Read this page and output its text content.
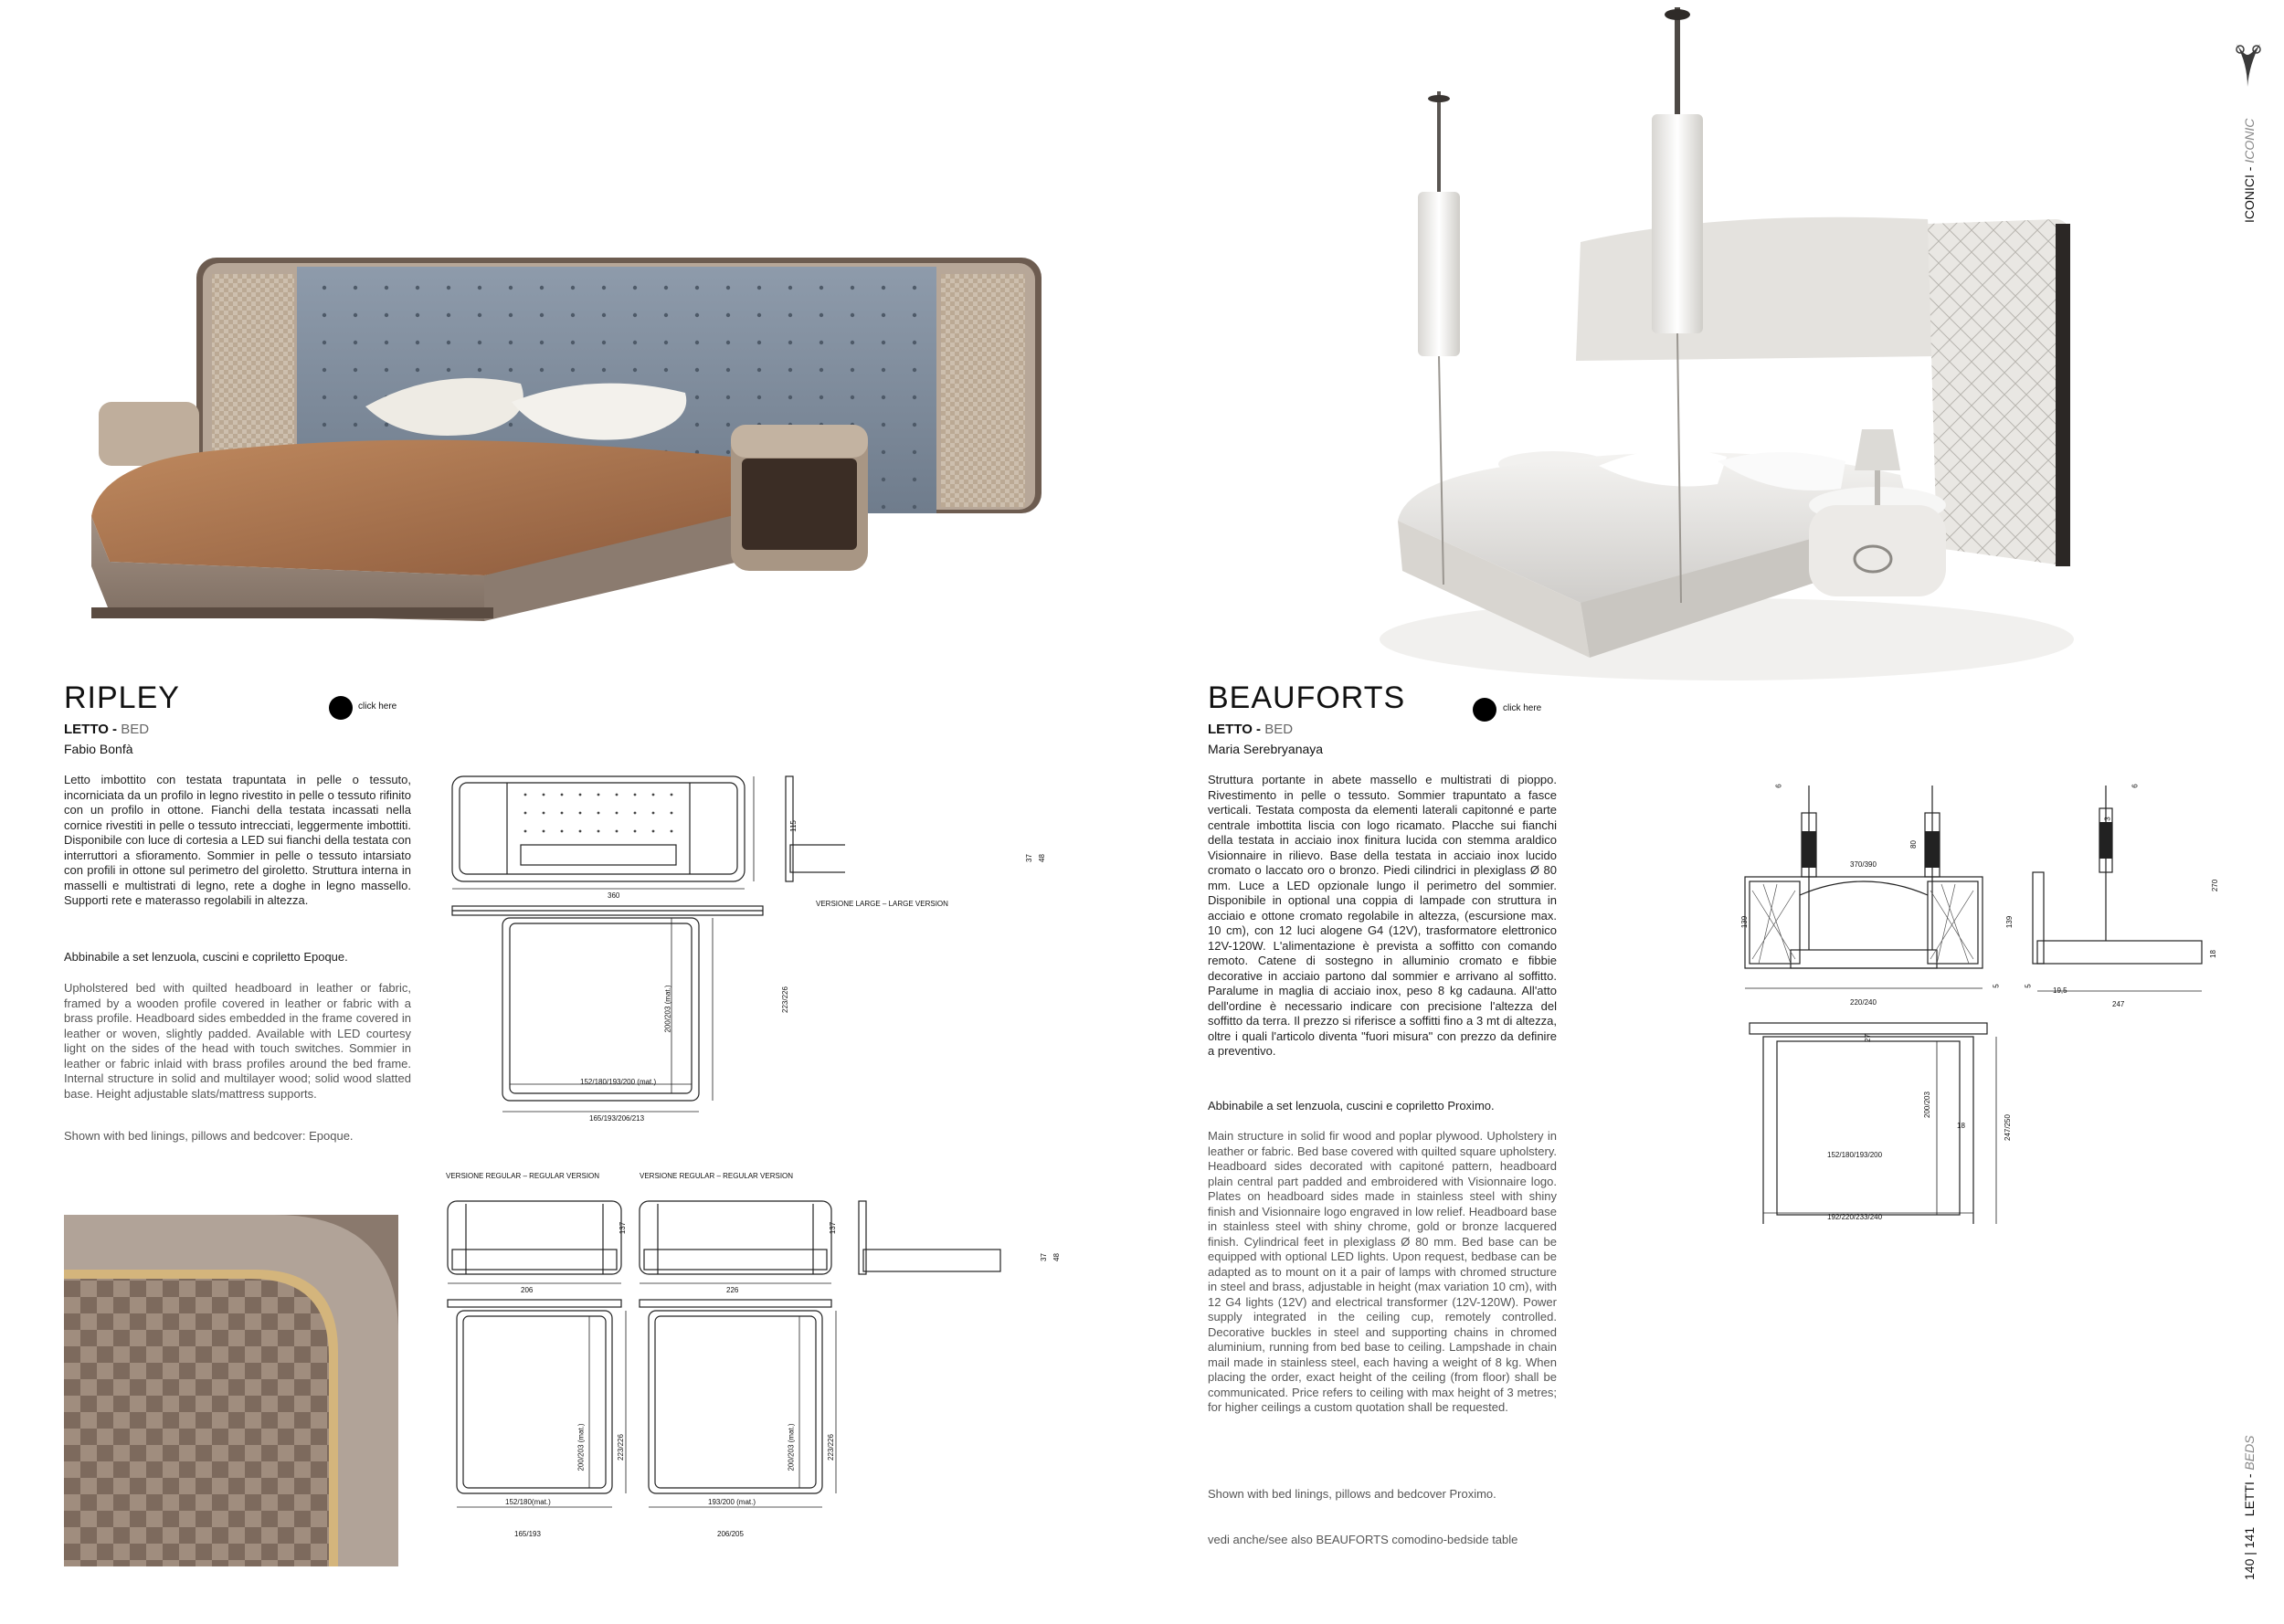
RIPLEY	click here
LETTO - BED
Fabio Bonfà
Letto imbottito con testata trapuntata in pelle o tessuto, incorniciata da un profilo in legno rivestito in pelle o tessuto rifinito con un profilo in ottone. Fianchi della testata incassati nella cornice rivestiti in pelle o tessuto intrecciati, leggermente imbottiti. Disponibile con luce di cortesia a LED sui fianchi della testata con interruttori a sfioramento. Sommier in pelle o tessuto intarsiato con profili in ottone sul perimetro del giroletto. Struttura interna in masselli e multistrati di legno, rete a doghe in legno massello. Supporti rete e materasso regolabili in altezza.
Abbinabile a set lenzuola, cuscini e copriletto Epoque.
Upholstered bed with quilted headboard in leather or fabric, framed by a wooden profile covered in leather or fabric with a brass profile. Headboard sides embedded in the frame covered in leather or woven, slightly padded. Available with LED courtesy light on the sides of the head with touch switches. Sommier in leather or fabric inlaid with brass profiles around the bed frame. Internal structure in solid and multilayer wood; solid wood slatted base. Height adjustable slats/mattress supports.
Shown with bed linings, pillows and bedcover: Epoque.
360
115
37 48
VERSIONE LARGE – LARGE VERSION
223/226
200/203 (mat.)
152/180/193/200 (mat.)
165/193/206/213
VERSIONE REGULAR – REGULAR VERSION	VERSIONE REGULAR – REGULAR VERSION
206
137
226
137
37 48
200/203 (mat.)	223/226	200/203 (mat.)	223/226
152/180(mat.)	193/200 (mat.)
165/193	206/205
BEAUFORTS	click here
LETTO - BED
Maria Serebryanaya
Struttura portante in abete massello e multistrati di pioppo. Rivestimento in pelle o tessuto. Sommier trapuntato a fasce verticali. Testata composta da elementi laterali capitonné e parte centrale imbottita liscia con logo ricamato. Placche sui fianchi della testata in acciaio inox finitura lucida con stemma araldico Visionnaire in rilievo. Base della testata in acciaio inox lucido cromato o laccato oro o bronzo. Piedi cilindrici in plexiglass Ø 80 mm. Luce a LED opzionale lungo il perimetro del sommier. Disponibile in optional una coppia di lampade con struttura in acciaio e ottone cromato regolabile in altezza, (escursione max. 10 cm), con 12 luci alogene G4 (12V), trasformatore elettronico 12V-120W. L'alimentazione è prevista a soffitto con comando remoto. Catene di sostegno in alluminio cromato e fibbie decorative in acciaio partono dal sommier e arrivano al soffitto. Paralume in maglia di acciaio inox, peso 8 kg cadauna. All'atto dell'ordine è necessario indicare con precisione l'altezza del soffitto da terra. Il prezzo si riferisce a soffitti fino a 3 mt di altezza, oltre i quali l'articolo diventa "fuori misura" con prezzo da definire a preventivo.
Abbinabile a set lenzuola, cuscini e copriletto Proximo.
Main structure in solid fir wood and poplar plywood. Upholstery in leather or fabric. Bed base covered with quilted square upholstery. Headboard sides decorated with capitoné pattern, headboard plain central part padded and embroidered with Visionnaire logo. Plates on headboard sides made in stainless steel with shiny finish and Visionnaire logo engraved in low relief. Headboard base in stainless steel with shiny chrome, gold or bronze lacquered finish. Cylindrical feet in plexiglass Ø 80 mm. Bed base can be equipped with optional LED lights. Upon request, bedbase can be adapted as to mount on it a pair of lamps with chromed structure in steel and brass, adjustable in height (max variation 10 cm), with 12 G4 lights (12V) and electrical transformer (12V-120W). Power supply integrated in the ceiling cup, remotely controlled. Decorative buckles in steel and supporting chains in chromed aluminium, running from bed base to ceiling. Lampshade in chain mail made in stainless steel, each having a weight of 8 kg. When placing the order, exact height of the ceiling (from floor) shall be communicated. Price refers to ceiling with max height of 3 metres; for higher ceilings a custom quotation shall be requested.
Shown with bed linings, pillows and bedcover Proximo.
vedi anche/see also BEAUFORTS comodino-bedside table
6
80
6
3
370/390
139	139
270
18
5	5
19,5
220/240	247
27
200/203
18	247/250
152/180/193/200
192/220/233/240
ICONICI - ICONIC
140 | 141   LETTI - BEDS
